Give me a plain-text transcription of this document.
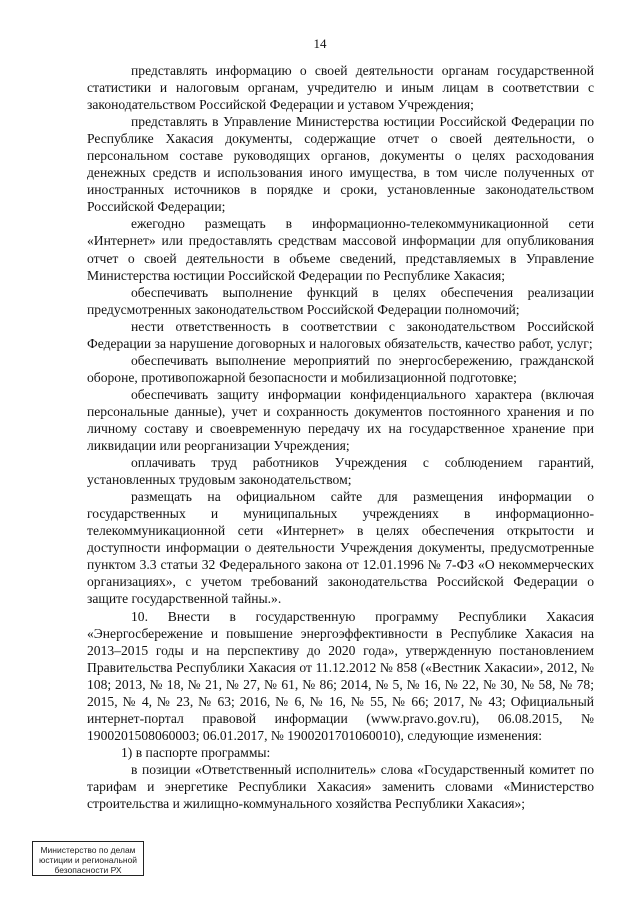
14

представлять информацию о своей деятельности органам государственной статистики и налоговым органам, учредителю и иным лицам в соответствии с законодательством Российской Федерации и уставом Учреждения;

представлять в Управление Министерства юстиции Российской Федерации по Республике Хакасия документы, содержащие отчет о своей деятельности, о персональном составе руководящих органов, документы о целях расходования денежных средств и использования иного имущества, в том числе полученных от иностранных источников в порядке и сроки, установленные законодательством Российской Федерации;

ежегодно размещать в информационно-телекоммуникационной сети «Интернет» или предоставлять средствам массовой информации для опубликования отчет о своей деятельности в объеме сведений, представляемых в Управление Министерства юстиции Российской Федерации по Республике Хакасия;

обеспечивать выполнение функций в целях обеспечения реализации предусмотренных законодательством Российской Федерации полномочий;

нести ответственность в соответствии с законодательством Российской Федерации за нарушение договорных и налоговых обязательств, качество работ, услуг;

обеспечивать выполнение мероприятий по энергосбережению, гражданской обороне, противопожарной безопасности и мобилизационной подготовке;

обеспечивать защиту информации конфиденциального характера (включая персональные данные), учет и сохранность документов постоянного хранения и по личному составу и своевременную передачу их на государственное хранение при ликвидации или реорганизации Учреждения;

оплачивать труд работников Учреждения с соблюдением гарантий, установленных трудовым законодательством;

размещать на официальном сайте для размещения информации о государственных и муниципальных учреждениях в информационно-телекоммуникационной сети «Интернет» в целях обеспечения открытости и доступности информации о деятельности Учреждения документы, предусмотренные пунктом 3.3 статьи 32 Федерального закона от 12.01.1996 № 7-ФЗ «О некоммерческих организациях», с учетом требований законодательства Российской Федерации о защите государственной тайны.».

10. Внести в государственную программу Республики Хакасия «Энергосбережение и повышение энергоэффективности в Республике Хакасия на 2013–2015 годы и на перспективу до 2020 года», утвержденную постановлением Правительства Республики Хакасия от 11.12.2012 № 858 («Вестник Хакасии», 2012, № 108; 2013, № 18, № 21, № 27, № 61, № 86; 2014, № 5, № 16, № 22, № 30, № 58, № 78; 2015, № 4, № 23, № 63; 2016, № 6, № 16, № 55, № 66; 2017, № 43; Официальный интернет-портал правовой информации (www.pravo.gov.ru), 06.08.2015, № 1900201508060003; 06.01.2017, № 1900201701060010), следующие изменения:

1) в паспорте программы:

в позиции «Ответственный исполнитель» слова «Государственный комитет по тарифам и энергетике Республики Хакасия» заменить словами «Министерство строительства и жилищно-коммунального хозяйства Республики Хакасия»;

Министерство по делам
юстиции и региональной
безопасности РХ
